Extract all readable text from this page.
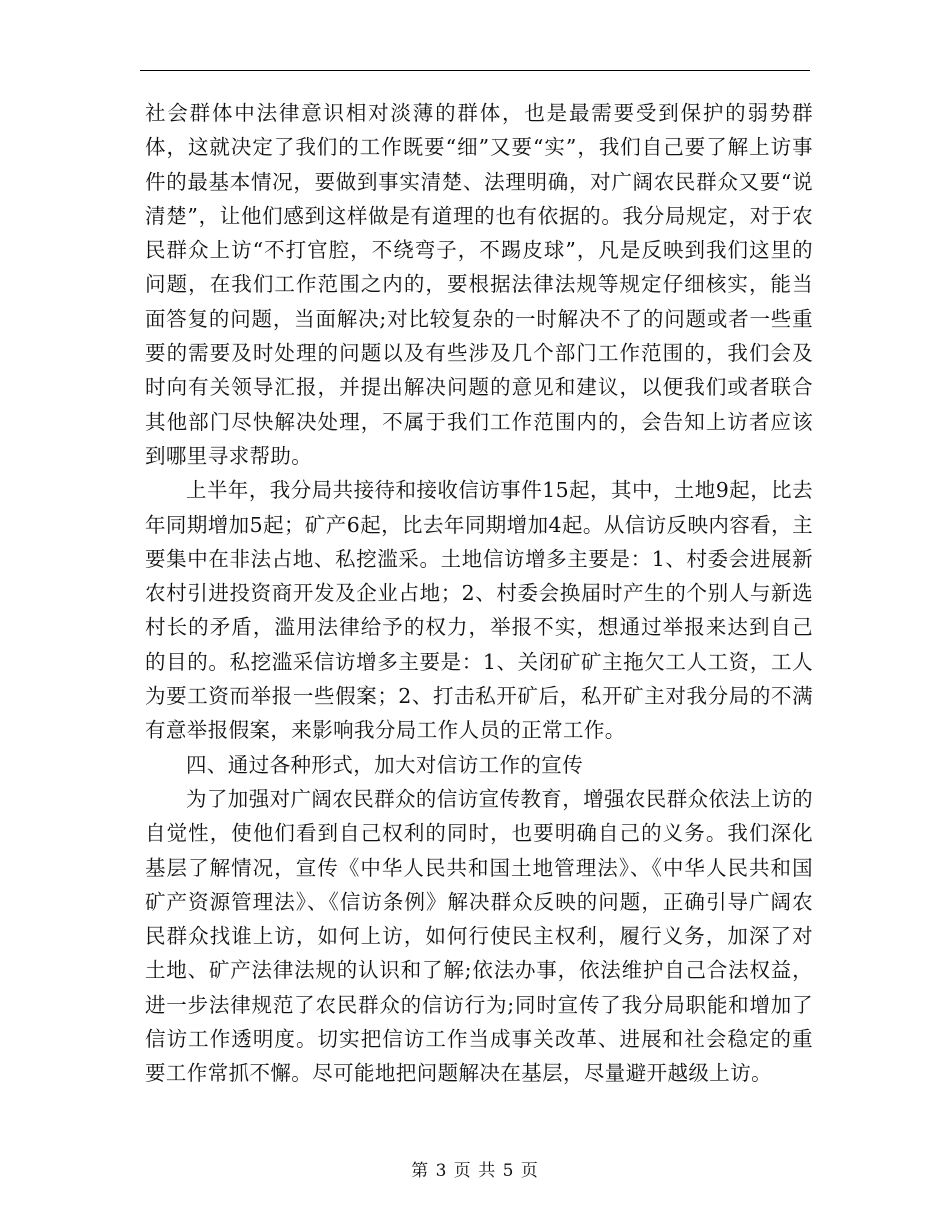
社会群体中法律意识相对淡薄的群体，也是最需要受到保护的弱势群体，这就决定了我们的工作既要“细”又要“实”，我们自己要了解上访事件的最基本情况，要做到事实清楚、法理明确，对广阔农民群众又要“说清楚”，让他们感到这样做是有道理的也有依据的。我分局规定，对于农民群众上访“不打官腔，不绕弯子，不踢皮球”，凡是反映到我们这里的问题，在我们工作范围之内的，要根据法律法规等规定仔细核实，能当面答复的问题，当面解决;对比较复杂的一时解决不了的问题或者一些重要的需要及时处理的问题以及有些涉及几个部门工作范围的，我们会及时向有关领导汇报，并提出解决问题的意见和建议，以便我们或者联合其他部门尽快解决处理，不属于我们工作范围内的，会告知上访者应该到哪里寻求帮助。

上半年，我分局共接待和接收信访事件15起，其中，土地9起，比去年同期增加5起；矿产6起，比去年同期增加4起。从信访反映内容看，主要集中在非法占地、私挖滥采。土地信访增多主要是：1、村委会进展新农村引进投资商开发及企业占地；2、村委会换届时产生的个别人与新选村长的矛盾，滥用法律给予的权力，举报不实，想通过举报来达到自己的目的。私挖滥采信访增多主要是：1、关闭矿矿主拖欠工人工资，工人为要工资而举报一些假案；2、打击私开矿后，私开矿主对我分局的不满有意举报假案，来影响我分局工作人员的正常工作。

四、通过各种形式，加大对信访工作的宣传

为了加强对广阔农民群众的信访宣传教育，增强农民群众依法上访的自觉性，使他们看到自己权利的同时，也要明确自己的义务。我们深化基层了解情况，宣传《中华人民共和国土地管理法》、《中华人民共和国矿产资源管理法》、《信访条例》解决群众反映的问题，正确引导广阔农民群众找谁上访，如何上访，如何行使民主权利，履行义务，加深了对土地、矿产法律法规的认识和了解;依法办事，依法维护自己合法权益，进一步法律规范了农民群众的信访行为;同时宣传了我分局职能和增加了信访工作透明度。切实把信访工作当成事关改革、进展和社会稳定的重要工作常抓不懈。尽可能地把问题解决在基层，尽量避开越级上访。

第 3 页 共 5 页
